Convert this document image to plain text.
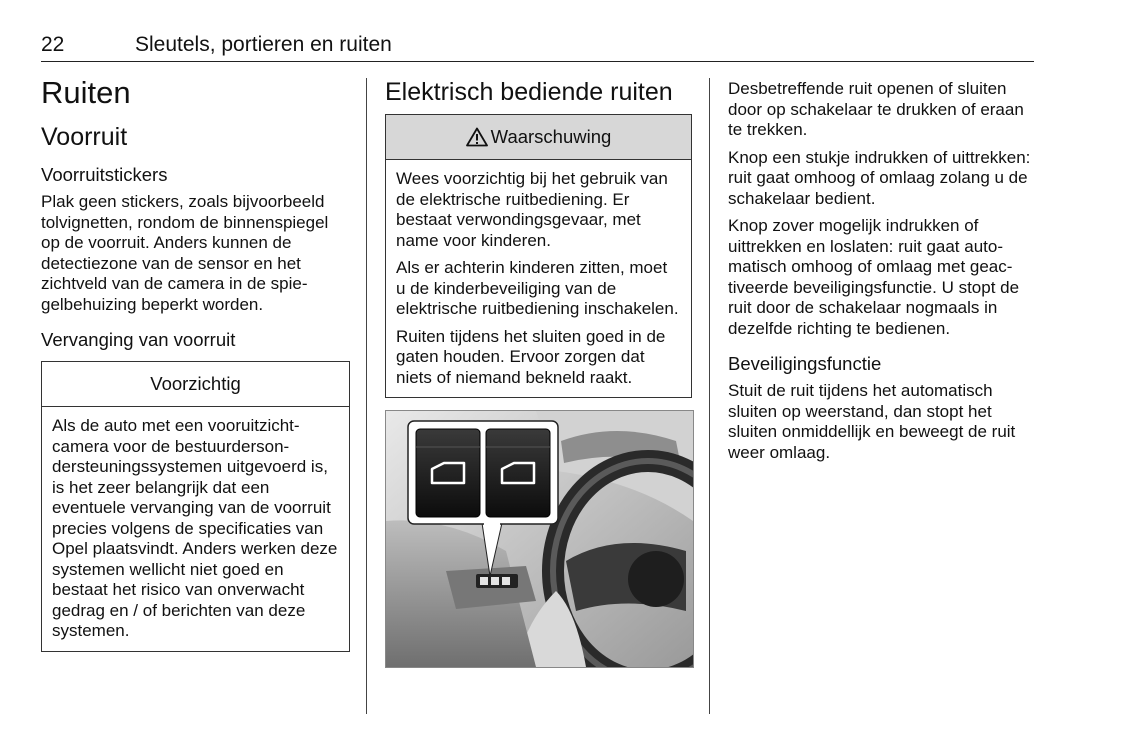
22	Sleutels, portieren en ruiten
Ruiten
Voorruit
Voorruitstickers

Plak geen stickers, zoals bijvoorbeeld tolvignetten, rondom de binnenspiegel op de voorruit. Anders kunnen de detectiezone van de sensor en het zichtveld van de camera in de spiegelbehuizing beperkt worden.

Vervanging van voorruit
Voorzichtig

Als de auto met een vooruitzichtcamera voor de bestuurdersondersteuningssystemen uitgevoerd is, is het zeer belangrijk dat een eventuele vervanging van de voorruit precies volgens de specificaties van Opel plaatsvindt. Anders werken deze systemen wellicht niet goed en bestaat het risico van onverwacht gedrag en / of berichten van deze systemen.

Elektrisch bediende ruiten
Waarschuwing

Wees voorzichtig bij het gebruik van de elektrische ruitbediening. Er bestaat verwondingsgevaar, met name voor kinderen.

Als er achterin kinderen zitten, moet u de kinderbeveiliging van de elektrische ruitbediening inschakelen.

Ruiten tijdens het sluiten goed in de gaten houden. Ervoor zorgen dat niets of niemand bekneld raakt.

Desbetreffende ruit openen of sluiten door op schakelaar te drukken of eraan te trekken.

Knop een stukje indrukken of uittrekken: ruit gaat omhoog of omlaag zolang u de schakelaar bedient.

Knop zover mogelijk indrukken of uittrekken en loslaten: ruit gaat automatisch omhoog of omlaag met geactiveerde beveiligingsfunctie. U stopt de ruit door de schakelaar nogmaals in dezelfde richting te bedienen.

Beveiligingsfunctie

Stuit de ruit tijdens het automatisch sluiten op weerstand, dan stopt het sluiten onmiddellijk en beweegt de ruit weer omlaag.
